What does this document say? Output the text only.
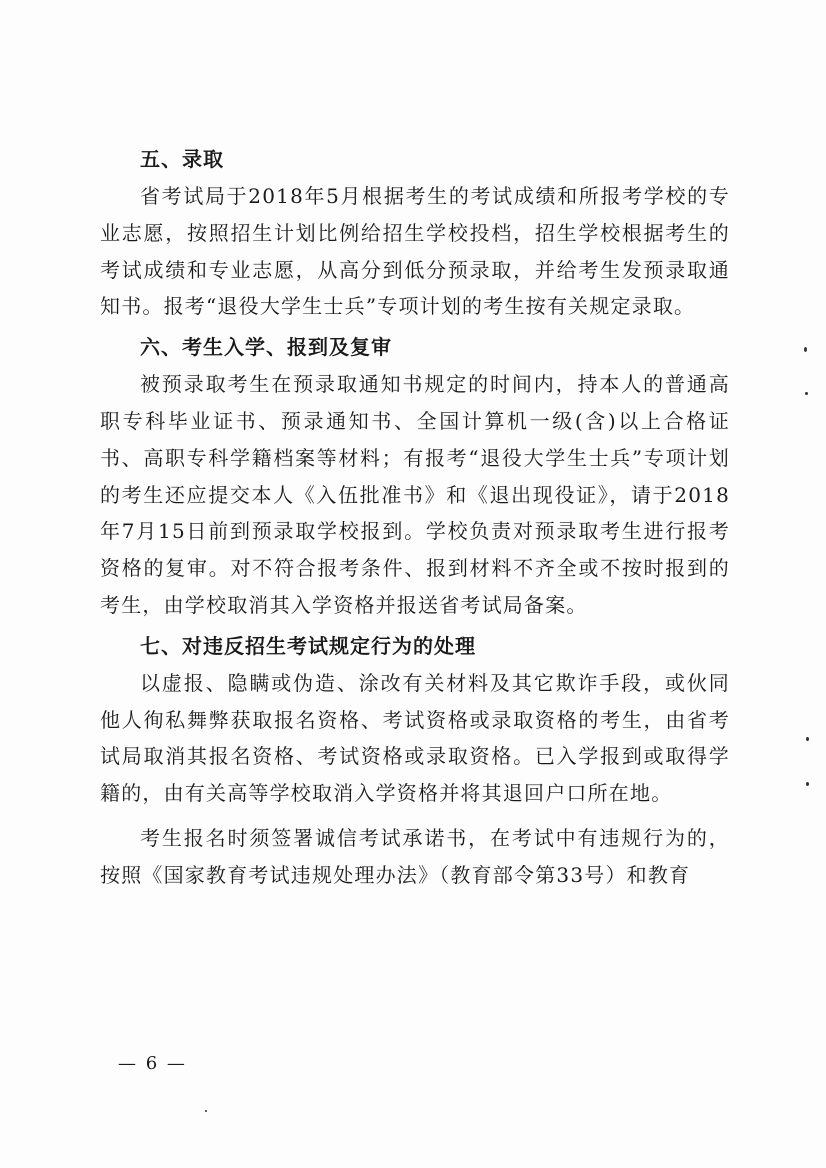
五、录取

省考试局于2018年5月根据考生的考试成绩和所报考学校的专业志愿，按照招生计划比例给招生学校投档，招生学校根据考生的考试成绩和专业志愿，从高分到低分预录取，并给考生发预录取通知书。报考“退役大学生士兵”专项计划的考生按有关规定录取。

六、考生入学、报到及复审

被预录取考生在预录取通知书规定的时间内，持本人的普通高职专科毕业证书、预录通知书、全国计算机一级(含)以上合格证书、高职专科学籍档案等材料；有报考“退役大学生士兵”专项计划的考生还应提交本人《入伍批准书》和《退出现役证》，请于2018年7月15日前到预录取学校报到。学校负责对预录取考生进行报考资格的复审。对不符合报考条件、报到材料不齐全或不按时报到的考生，由学校取消其入学资格并报送省考试局备案。

七、对违反招生考试规定行为的处理

以虚报、隐瞒或伪造、涂改有关材料及其它欺诈手段，或伙同他人徇私舞弊获取报名资格、考试资格或录取资格的考生，由省考试局取消其报名资格、考试资格或录取资格。已入学报到或取得学籍的，由有关高等学校取消入学资格并将其退回户口所在地。

考生报名时须签署诚信考试承诺书，在考试中有违规行为的，按照《国家教育考试违规处理办法》（教育部令第33号）和教育

— 6 —
